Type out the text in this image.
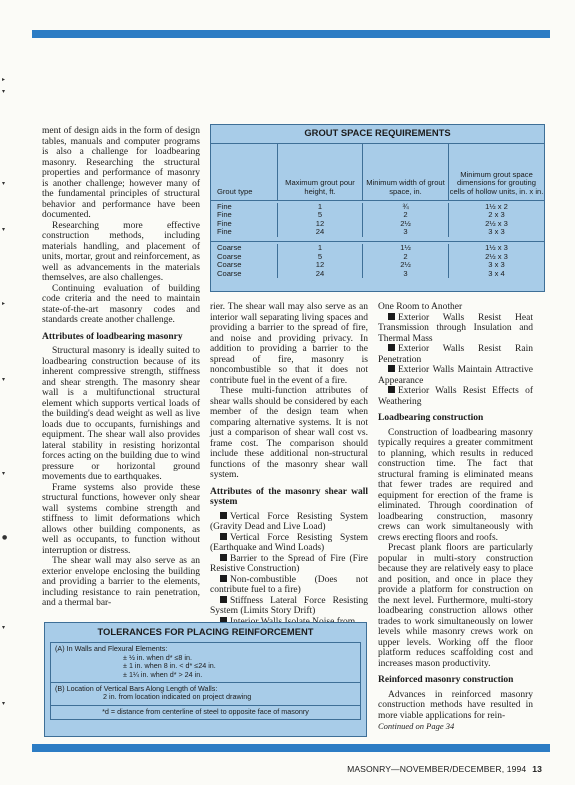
▸
▾
▾
▾
▸
▾
▾
●
▾
▾

ment of design aids in the form of design tables, manuals and computer programs is also a challenge for loadbearing masonry. Researching the structural properties and performance of masonry is another challenge; however many of the fundamental principles of structural behavior and performance have been documented.

Researching more effective construction methods, including materials handling, and placement of units, mortar, grout and reinforcement, as well as advancements in the materials themselves, are also challenges.

Continuing evaluation of building code criteria and the need to maintain state-of-the-art masonry codes and standards create another challenge.

Attributes of loadbearing masonry

Structural masonry is ideally suited to loadbearing construction because of its inherent compressive strength, stiffness and shear strength. The masonry shear wall is a multifunctional structural element which supports vertical loads of the building's dead weight as well as live loads due to occupants, furnishings and equipment. The shear wall also provides lateral stability in resisting horizontal forces acting on the building due to wind pressure or horizontal ground movements due to earthquakes.

Frame systems also provide these structural functions, however only shear wall systems combine strength and stiffness to limit deformations which allows other building components, as well as occupants, to function without interruption or distress.

The shear wall may also serve as an exterior envelope enclosing the building and providing a barrier to the elements, including resistance to rain penetration, and a thermal bar-

GROUT SPACE REQUIREMENTS
Grout type
Maximum grout pour height, ft.
Minimum width of grout space, in.
Minimum grout space dimensions for grouting cells of hollow units, in. x in.
Fine
Fine
Fine
Fine
1
5
12
24
¾
2
2½
3
1½ x 2
2 x 3
2½ x 3
3 x 3
Coarse
Coarse
Coarse
Coarse
1
5
12
24
1½
2
2½
3
1½ x 3
2½ x 3
3 x 3
3 x 4

rier. The shear wall may also serve as an interior wall separating living spaces and providing a barrier to the spread of fire, and noise and providing privacy. In addition to providing a barrier to the spread of fire, masonry is noncombustible so that it does not contribute fuel in the event of a fire.

These multi-function attributes of shear walls should be considered by each member of the design team when comparing alternative systems. It is not just a comparison of shear wall cost vs. frame cost. The comparison should include these additional non-structural functions of the masonry shear wall system.

Attributes of the masonry shear wall system

Vertical Force Resisting System (Gravity Dead and Live Load)

Vertical Force Resisting System (Earthquake and Wind Loads)

Barrier to the Spread of Fire (Fire Resistive Construction)

Non-combustible (Does not contribute fuel to a fire)

Stiffness Lateral Force Resisting System (Limits Story Drift)

One Room to Another

Exterior Walls Resist Heat Transmission through Insulation and Thermal Mass

Exterior Walls Resist Rain Penetration

Exterior Walls Maintain Attractive Appearance

Exterior Walls Resist Effects of Weathering

Loadbearing construction

Construction of loadbearing masonry typically requires a greater commitment to planning, which results in reduced construction time. The fact that structural framing is eliminated means that fewer trades are required and equipment for erection of the frame is eliminated. Through coordination of loadbearing construction, masonry crews can work simultaneously with crews erecting floors and roofs.

Precast plank floors are particularly popular in multi-story construction because they are relatively easy to place and position, and once in place they provide a platform for construction on the next level. Furthermore, multi-story loadbearing construction allows other trades to work simultaneously on lower levels while masonry crews work on upper levels. Working off the floor platform reduces scaffolding cost and increases mason productivity.

Reinforced masonry construction

Advances in reinforced masonry construction methods have resulted in more viable applications for rein-

Continued on Page 34

TOLERANCES FOR PLACING REINFORCEMENT
(A) In Walls and Flexural Elements:
± ½ in. when d* ≤8 in.
± 1 in. when 8 in. < d* ≤24 in.
± 1¼ in. when d* > 24 in.
(B) Location of Vertical Bars Along Length of Walls:
2 in. from location indicated on project drawing
*d = distance from centerline of steel to opposite face of masonry
MASONRY—NOVEMBER/DECEMBER, 1994 13
